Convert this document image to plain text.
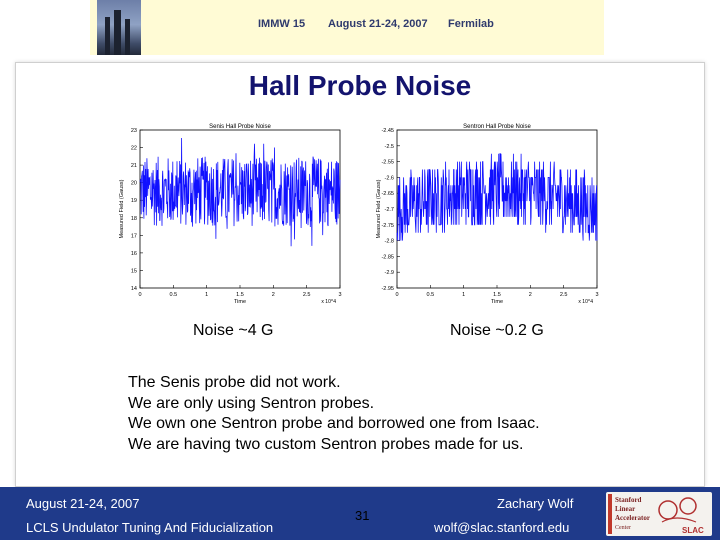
IMMW 15 August 21-24, 2007 Fermilab
Hall Probe Noise
Senis Hall Probe Noise
Measured Field (Gauss)
Time	x 10^4
23
22
21
20
19
18
17
16
15
14
0	0.5	1	1.5	2	2.5	3
Sentron Hall Probe Noise
Measured Field (Gauss)
Time	x 10^4
-2.45
-2.5
-2.55
-2.6
-2.65
-2.7
-2.75
-2.8
-2.85
-2.9
-2.95
0	0.5	1	1.5	2	2.5	3
Noise ~4 G	Noise ~0.2 G
The Senis probe did not work.
We are only using Sentron probes.
We own one Sentron probe and borrowed one from Isaac.
We are having two custom Sentron probes made for us.
August 21-24, 2007
LCLS Undulator Tuning And Fiducialization
31
Zachary Wolf
wolf@slac.stanford.edu
Stanford
Linear
Accelerator
Center	SLAC
